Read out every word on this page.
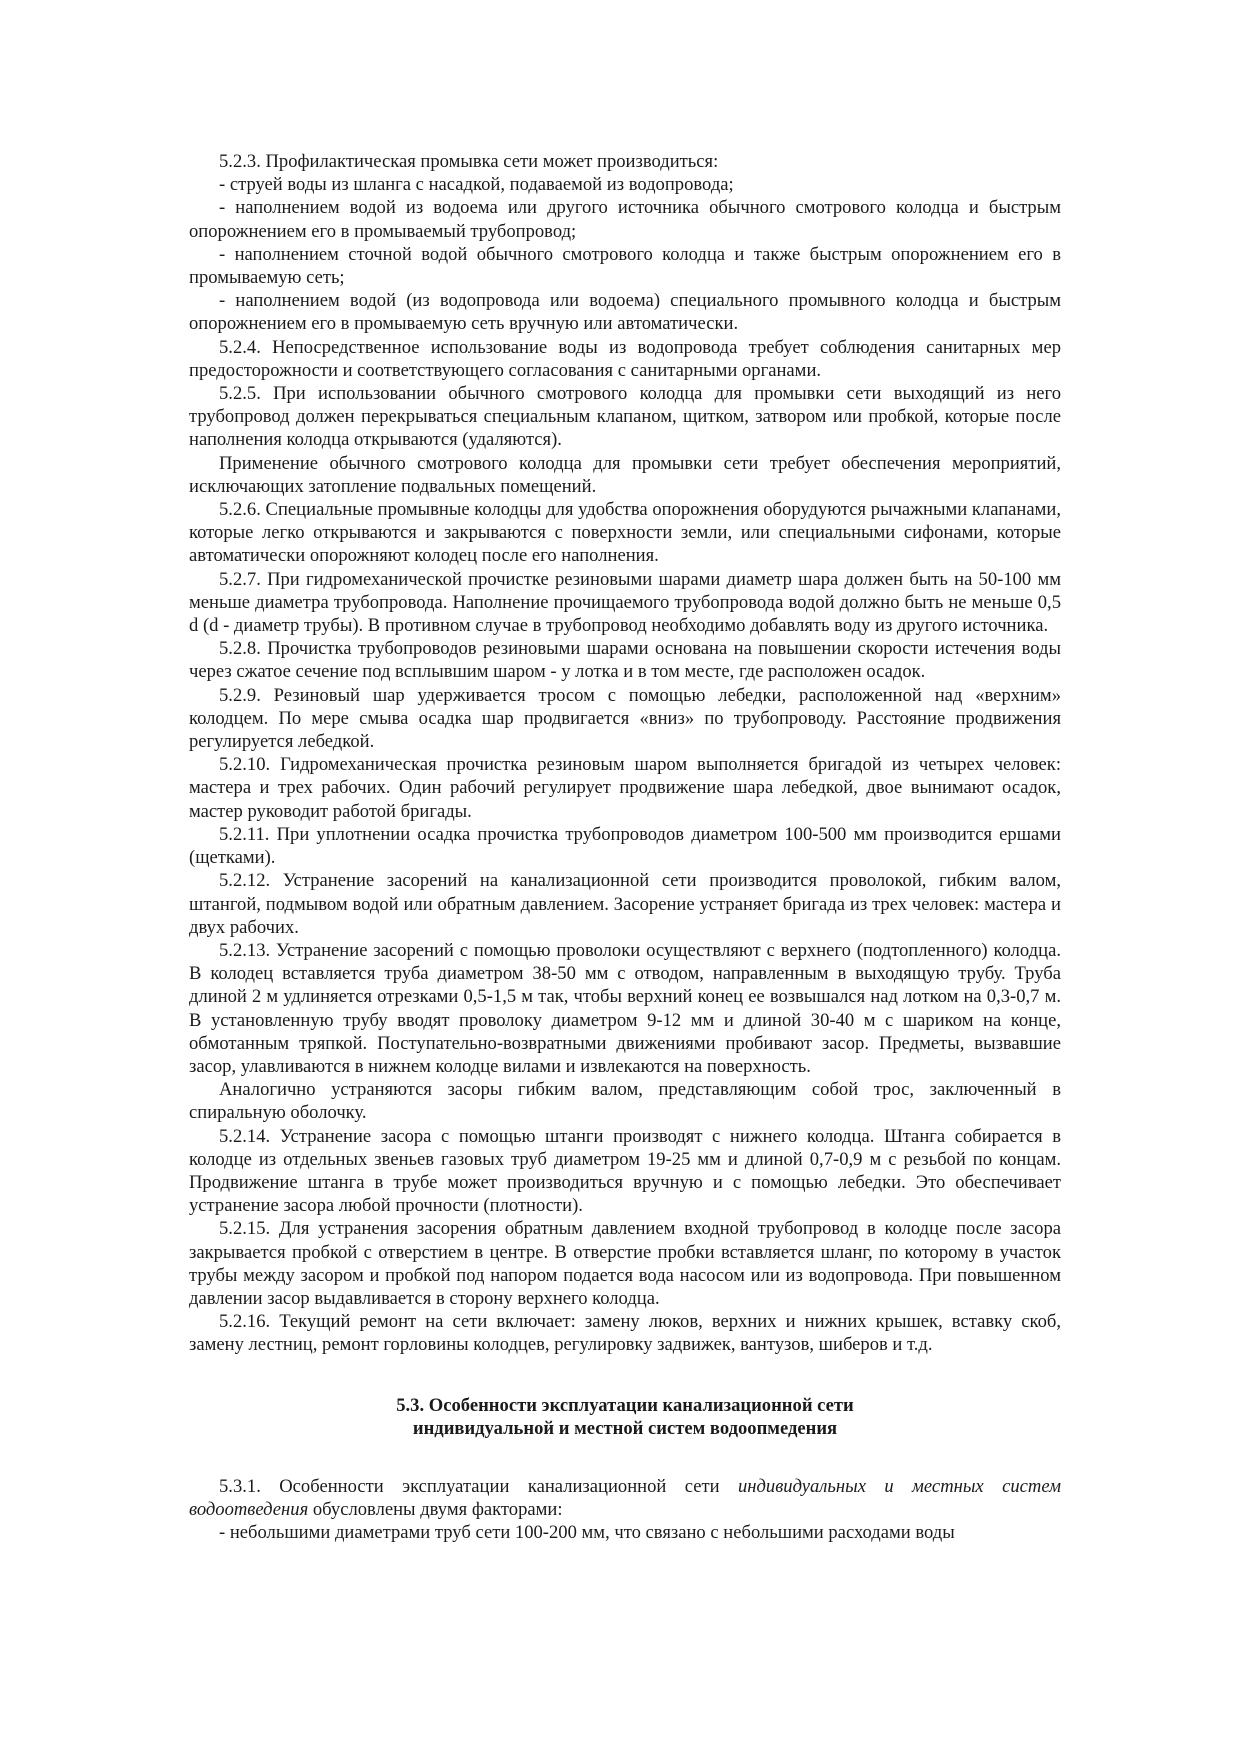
5.2.3. Профилактическая промывка сети может производиться:

- струей воды из шланга с насадкой, подаваемой из водопровода;

- наполнением водой из водоема или другого источника обычного смотрового колодца и быстрым опорожнением его в промываемый трубопровод;

- наполнением сточной водой обычного смотрового колодца и также быстрым опорожнением его в промываемую сеть;

- наполнением водой (из водопровода или водоема) специального промывного колодца и быстрым опорожнением его в промываемую сеть вручную или автоматически.

5.2.4. Непосредственное использование воды из водопровода требует соблюдения санитарных мер предосторожности и соответствующего согласования с санитарными органами.

5.2.5. При использовании обычного смотрового колодца для промывки сети выходящий из него трубопровод должен перекрываться специальным клапаном, щитком, затвором или пробкой, которые после наполнения колодца открываются (удаляются).

Применение обычного смотрового колодца для промывки сети требует обеспечения мероприятий, исключающих затопление подвальных помещений.

5.2.6. Специальные промывные колодцы для удобства опорожнения оборудуются рычажными клапанами, которые легко открываются и закрываются с поверхности земли, или специальными сифонами, которые автоматически опорожняют колодец после его наполнения.

5.2.7. При гидромеханической прочистке резиновыми шарами диаметр шара должен быть на 50-100 мм меньше диаметра трубопровода. Наполнение прочищаемого трубопровода водой должно быть не меньше 0,5 d (d - диаметр трубы). В противном случае в трубопровод необходимо добавлять воду из другого источника.

5.2.8. Прочистка трубопроводов резиновыми шарами основана на повышении скорости истечения воды через сжатое сечение под всплывшим шаром - у лотка и в том месте, где расположен осадок.

5.2.9. Резиновый шар удерживается тросом с помощью лебедки, расположенной над «верхним» колодцем. По мере смыва осадка шар продвигается «вниз» по трубопроводу. Расстояние продвижения регулируется лебедкой.

5.2.10. Гидромеханическая прочистка резиновым шаром выполняется бригадой из четырех человек: мастера и трех рабочих. Один рабочий регулирует продвижение шара лебедкой, двое вынимают осадок, мастер руководит работой бригады.

5.2.11. При уплотнении осадка прочистка трубопроводов диаметром 100-500 мм производится ершами (щетками).

5.2.12. Устранение засорений на канализационной сети производится проволокой, гибким валом, штангой, подмывом водой или обратным давлением. Засорение устраняет бригада из трех человек: мастера и двух рабочих.

5.2.13. Устранение засорений с помощью проволоки осуществляют с верхнего (подтопленного) колодца. В колодец вставляется труба диаметром 38-50 мм с отводом, направленным в выходящую трубу. Труба длиной 2 м удлиняется отрезками 0,5-1,5 м так, чтобы верхний конец ее возвышался над лотком на 0,3-0,7 м. В установленную трубу вводят проволоку диаметром 9-12 мм и длиной 30-40 м с шариком на конце, обмотанным тряпкой. Поступательно-возвратными движениями пробивают засор. Предметы, вызвавшие засор, улавливаются в нижнем колодце вилами и извлекаются на поверхность.

Аналогично устраняются засоры гибким валом, представляющим собой трос, заключенный в спиральную оболочку.

5.2.14. Устранение засора с помощью штанги производят с нижнего колодца. Штанга собирается в колодце из отдельных звеньев газовых труб диаметром 19-25 мм и длиной 0,7-0,9 м с резьбой по концам. Продвижение штанга в трубе может производиться вручную и с помощью лебедки. Это обеспечивает устранение засора любой прочности (плотности).

5.2.15. Для устранения засорения обратным давлением входной трубопровод в колодце после засора закрывается пробкой с отверстием в центре. В отверстие пробки вставляется шланг, по которому в участок трубы между засором и пробкой под напором подается вода насосом или из водопровода. При повышенном давлении засор выдавливается в сторону верхнего колодца.

5.2.16. Текущий ремонт на сети включает: замену люков, верхних и нижних крышек, вставку скоб, замену лестниц, ремонт горловины колодцев, регулировку задвижек, вантузов, шиберов и т.д.

5.3. Особенности эксплуатации канализационной сети
индивидуальной и местной систем водоопмедения

5.3.1. Особенности эксплуатации канализационной сети индивидуальных и местных систем водоотведения обусловлены двумя факторами:

- небольшими диаметрами труб сети 100-200 мм, что связано с небольшими расходами воды
